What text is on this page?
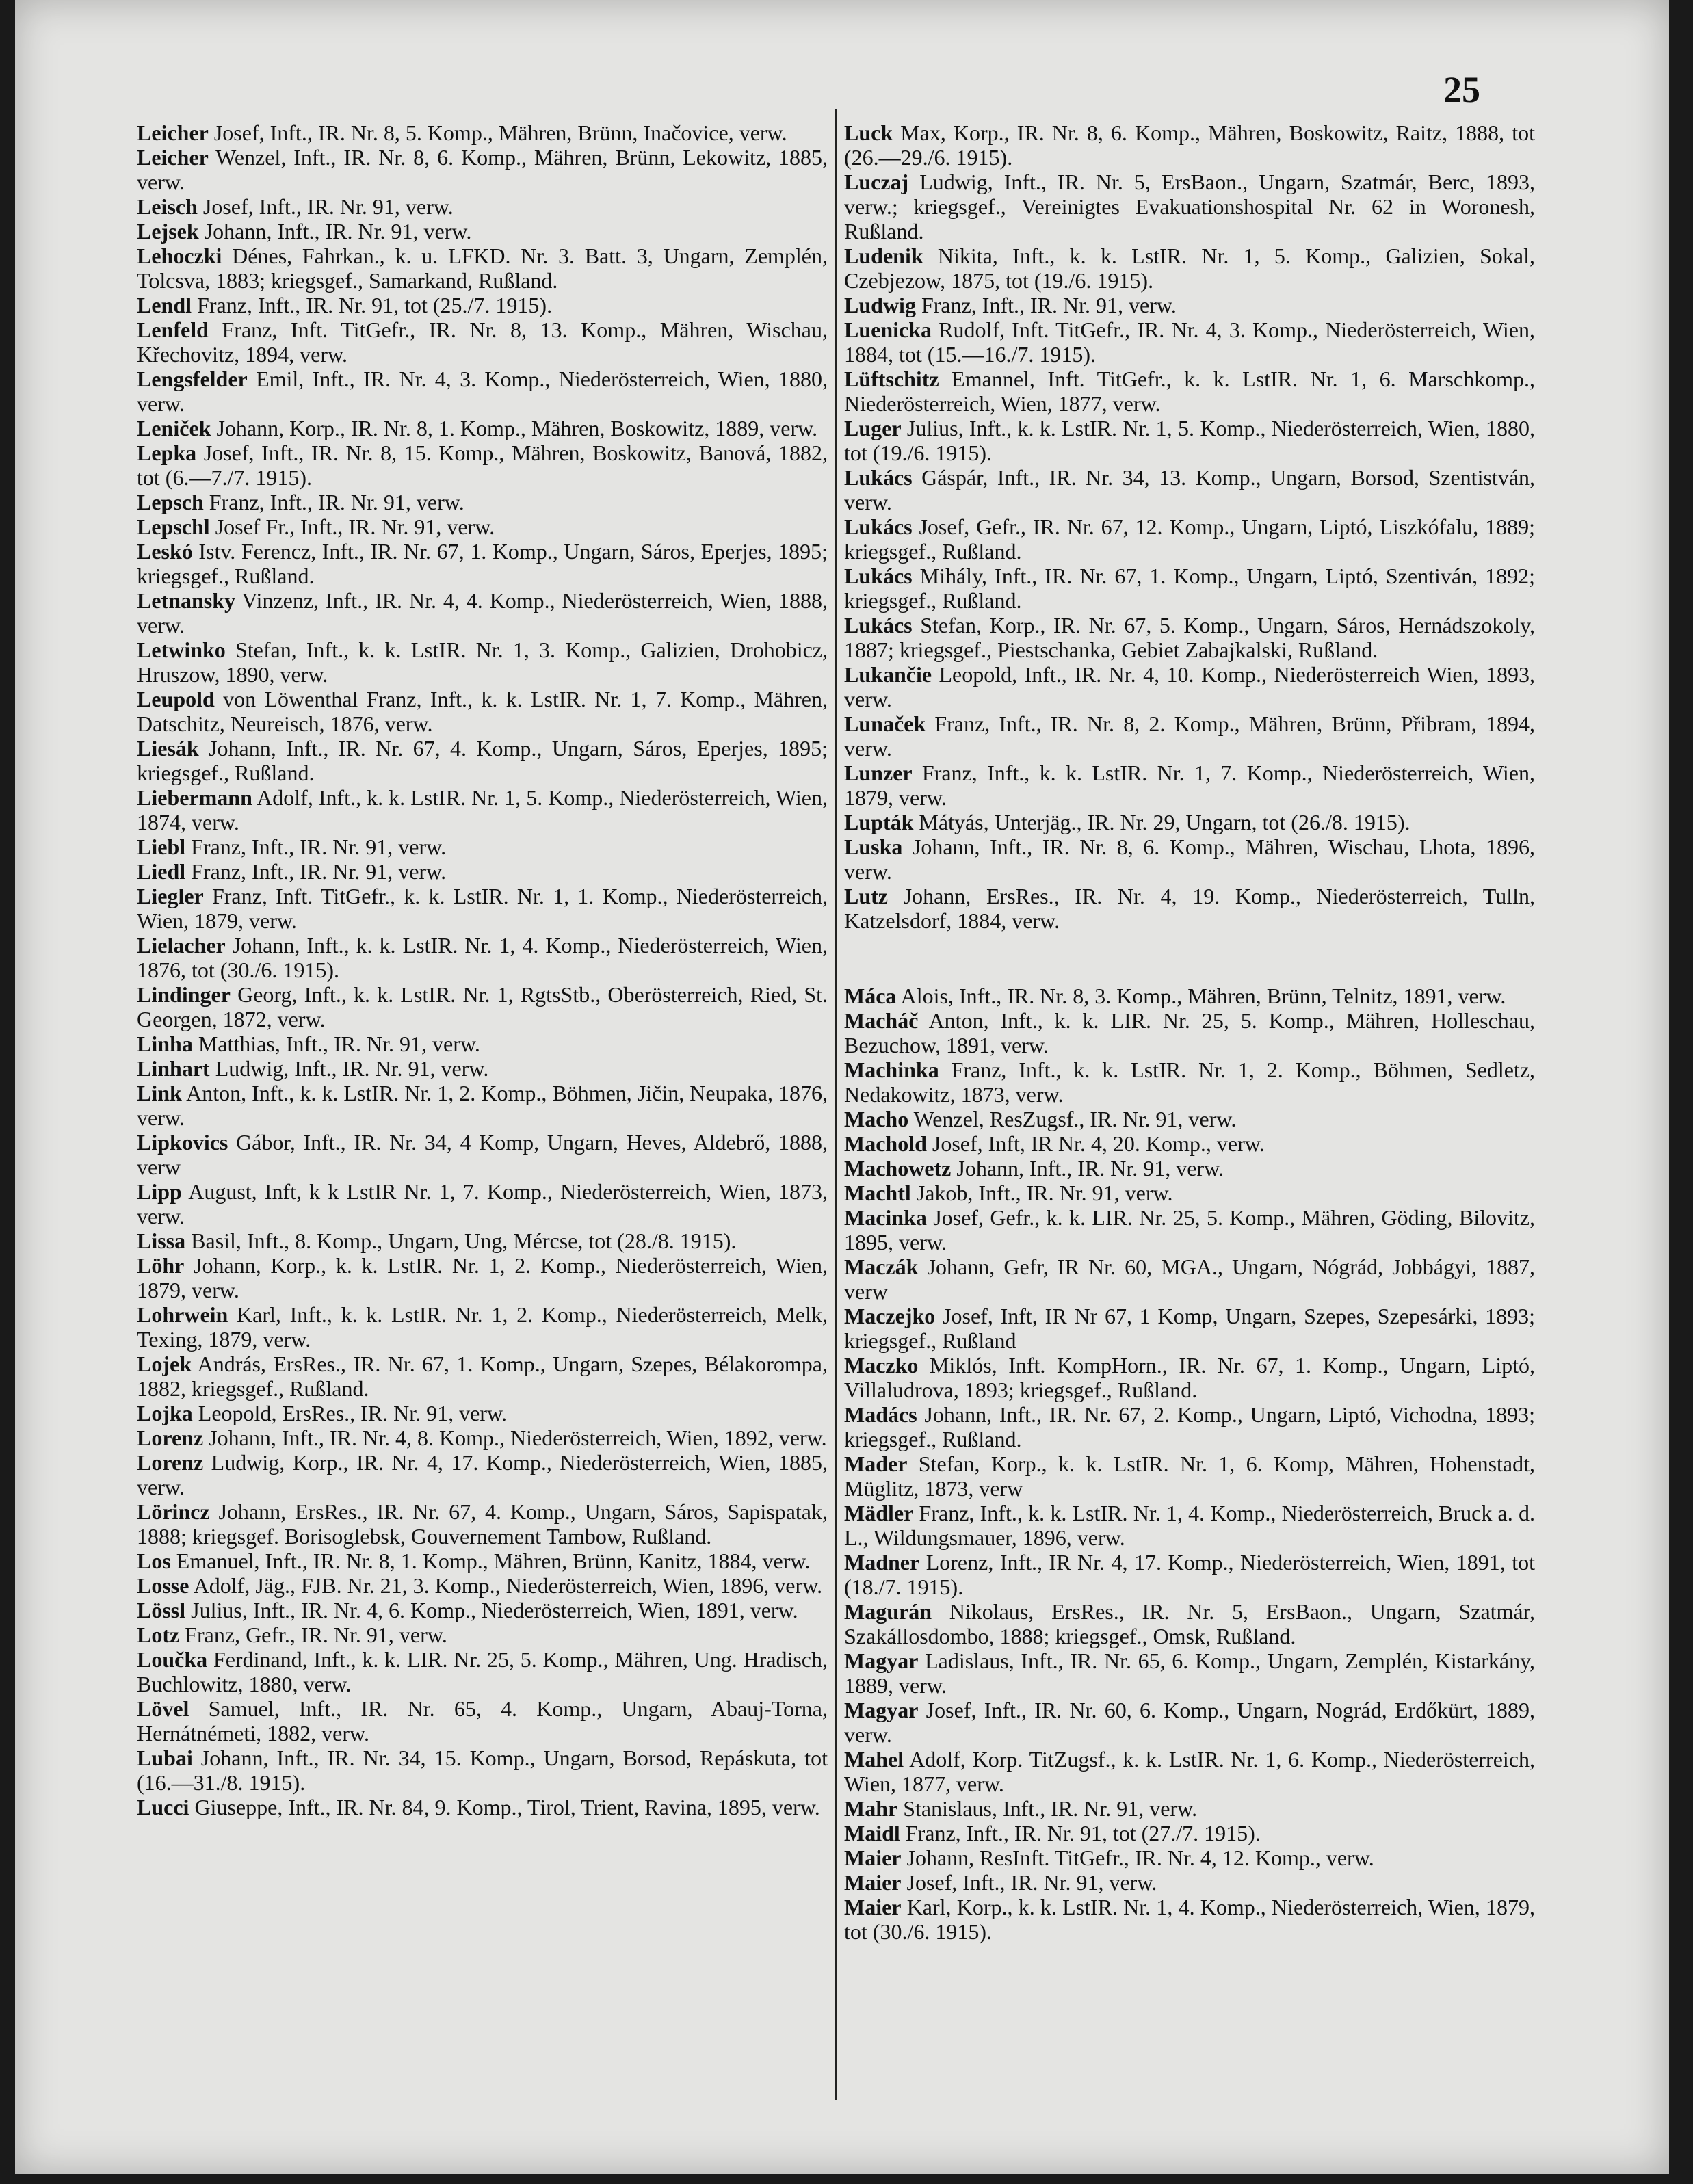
25

Leicher Josef, Inft., IR. Nr. 8, 5. Komp., Mähren, Brünn, Inačovice, verw.

Leicher Wenzel, Inft., IR. Nr. 8, 6. Komp., Mähren, Brünn, Lekowitz, 1885, verw.

Leisch Josef, Inft., IR. Nr. 91, verw.

Lejsek Johann, Inft., IR. Nr. 91, verw.

Lehoczki Dénes, Fahrkan., k. u. LFKD. Nr. 3. Batt. 3, Ungarn, Zemplén, Tolcsva, 1883; kriegsgef., Samarkand, Rußland.

Lendl Franz, Inft., IR. Nr. 91, tot (25./7. 1915).

Lenfeld Franz, Inft. TitGefr., IR. Nr. 8, 13. Komp., Mähren, Wischau, Křechovitz, 1894, verw.

Lengsfelder Emil, Inft., IR. Nr. 4, 3. Komp., Niederösterreich, Wien, 1880, verw.

Leniček Johann, Korp., IR. Nr. 8, 1. Komp., Mähren, Boskowitz, 1889, verw.

Lepka Josef, Inft., IR. Nr. 8, 15. Komp., Mähren, Boskowitz, Banová, 1882, tot (6.—7./7. 1915).

Lepsch Franz, Inft., IR. Nr. 91, verw.

Lepschl Josef Fr., Inft., IR. Nr. 91, verw.

Leskó Istv. Ferencz, Inft., IR. Nr. 67, 1. Komp., Ungarn, Sáros, Eperjes, 1895; kriegsgef., Rußland.

Letnansky Vinzenz, Inft., IR. Nr. 4, 4. Komp., Niederösterreich, Wien, 1888, verw.

Letwinko Stefan, Inft., k. k. LstIR. Nr. 1, 3. Komp., Galizien, Drohobicz, Hruszow, 1890, verw.

Leupold von Löwenthal Franz, Inft., k. k. LstIR. Nr. 1, 7. Komp., Mähren, Datschitz, Neureisch, 1876, verw.

Liesák Johann, Inft., IR. Nr. 67, 4. Komp., Ungarn, Sáros, Eperjes, 1895; kriegsgef., Rußland.

Liebermann Adolf, Inft., k. k. LstIR. Nr. 1, 5. Komp., Niederösterreich, Wien, 1874, verw.

Liebl Franz, Inft., IR. Nr. 91, verw.

Liedl Franz, Inft., IR. Nr. 91, verw.

Liegler Franz, Inft. TitGefr., k. k. LstIR. Nr. 1, 1. Komp., Niederösterreich, Wien, 1879, verw.

Lielacher Johann, Inft., k. k. LstIR. Nr. 1, 4. Komp., Niederösterreich, Wien, 1876, tot (30./6. 1915).

Lindinger Georg, Inft., k. k. LstIR. Nr. 1, RgtsStb., Oberösterreich, Ried, St. Georgen, 1872, verw.

Linha Matthias, Inft., IR. Nr. 91, verw.

Linhart Ludwig, Inft., IR. Nr. 91, verw.

Link Anton, Inft., k. k. LstIR. Nr. 1, 2. Komp., Böhmen, Jičin, Neupaka, 1876, verw.

Lipkovics Gábor, Inft., IR. Nr. 34, 4 Komp, Ungarn, Heves, Aldebrő, 1888, verw

Lipp August, Inft, k k LstIR Nr. 1, 7. Komp., Niederösterreich, Wien, 1873, verw.

Lissa Basil, Inft., 8. Komp., Ungarn, Ung, Mércse, tot (28./8. 1915).

Löhr Johann, Korp., k. k. LstIR. Nr. 1, 2. Komp., Niederösterreich, Wien, 1879, verw.

Lohrwein Karl, Inft., k. k. LstIR. Nr. 1, 2. Komp., Niederösterreich, Melk, Texing, 1879, verw.

Lojek András, ErsRes., IR. Nr. 67, 1. Komp., Ungarn, Szepes, Bélakorompa, 1882, kriegsgef., Rußland.

Lojka Leopold, ErsRes., IR. Nr. 91, verw.

Lorenz Johann, Inft., IR. Nr. 4, 8. Komp., Niederösterreich, Wien, 1892, verw.

Lorenz Ludwig, Korp., IR. Nr. 4, 17. Komp., Niederösterreich, Wien, 1885, verw.

Lörincz Johann, ErsRes., IR. Nr. 67, 4. Komp., Ungarn, Sáros, Sapispatak, 1888; kriegsgef. Borisoglebsk, Gouvernement Tambow, Rußland.

Los Emanuel, Inft., IR. Nr. 8, 1. Komp., Mähren, Brünn, Kanitz, 1884, verw.

Losse Adolf, Jäg., FJB. Nr. 21, 3. Komp., Niederösterreich, Wien, 1896, verw.

Lössl Julius, Inft., IR. Nr. 4, 6. Komp., Niederösterreich, Wien, 1891, verw.

Lotz Franz, Gefr., IR. Nr. 91, verw.

Loučka Ferdinand, Inft., k. k. LIR. Nr. 25, 5. Komp., Mähren, Ung. Hradisch, Buchlowitz, 1880, verw.

Lövel Samuel, Inft., IR. Nr. 65, 4. Komp., Ungarn, Abauj-Torna, Hernátnémeti, 1882, verw.

Lubai Johann, Inft., IR. Nr. 34, 15. Komp., Ungarn, Borsod, Repáskuta, tot (16.—31./8. 1915).

Lucci Giuseppe, Inft., IR. Nr. 84, 9. Komp., Tirol, Trient, Ravina, 1895, verw.

Luck Max, Korp., IR. Nr. 8, 6. Komp., Mähren, Boskowitz, Raitz, 1888, tot (26.—29./6. 1915).

Luczaj Ludwig, Inft., IR. Nr. 5, ErsBaon., Ungarn, Szatmár, Berc, 1893, verw.; kriegsgef., Vereinigtes Evakuationshospital Nr. 62 in Woronesh, Rußland.

Ludenik Nikita, Inft., k. k. LstIR. Nr. 1, 5. Komp., Galizien, Sokal, Czebjezow, 1875, tot (19./6. 1915).

Ludwig Franz, Inft., IR. Nr. 91, verw.

Luenicka Rudolf, Inft. TitGefr., IR. Nr. 4, 3. Komp., Niederösterreich, Wien, 1884, tot (15.—16./7. 1915).

Lüftschitz Emannel, Inft. TitGefr., k. k. LstIR. Nr. 1, 6. Marschkomp., Niederösterreich, Wien, 1877, verw.

Luger Julius, Inft., k. k. LstIR. Nr. 1, 5. Komp., Niederösterreich, Wien, 1880, tot (19./6. 1915).

Lukács Gáspár, Inft., IR. Nr. 34, 13. Komp., Ungarn, Borsod, Szentistván, verw.

Lukács Josef, Gefr., IR. Nr. 67, 12. Komp., Ungarn, Liptó, Liszkófalu, 1889; kriegsgef., Rußland.

Lukács Mihály, Inft., IR. Nr. 67, 1. Komp., Ungarn, Liptó, Szentiván, 1892; kriegsgef., Rußland.

Lukács Stefan, Korp., IR. Nr. 67, 5. Komp., Ungarn, Sáros, Hernádszokoly, 1887; kriegsgef., Piestschanka, Gebiet Zabajkalski, Rußland.

Lukančie Leopold, Inft., IR. Nr. 4, 10. Komp., Niederösterreich Wien, 1893, verw.

Lunaček Franz, Inft., IR. Nr. 8, 2. Komp., Mähren, Brünn, Přibram, 1894, verw.

Lunzer Franz, Inft., k. k. LstIR. Nr. 1, 7. Komp., Niederösterreich, Wien, 1879, verw.

Lupták Mátyás, Unterjäg., IR. Nr. 29, Ungarn, tot (26./8. 1915).

Luska Johann, Inft., IR. Nr. 8, 6. Komp., Mähren, Wischau, Lhota, 1896, verw.

Lutz Johann, ErsRes., IR. Nr. 4, 19. Komp., Niederösterreich, Tulln, Katzelsdorf, 1884, verw.

Máca Alois, Inft., IR. Nr. 8, 3. Komp., Mähren, Brünn, Telnitz, 1891, verw.

Macháč Anton, Inft., k. k. LIR. Nr. 25, 5. Komp., Mähren, Holleschau, Bezuchow, 1891, verw.

Machinka Franz, Inft., k. k. LstIR. Nr. 1, 2. Komp., Böhmen, Sedletz, Nedakowitz, 1873, verw.

Macho Wenzel, ResZugsf., IR. Nr. 91, verw.

Machold Josef, Inft, IR Nr. 4, 20. Komp., verw.

Machowetz Johann, Inft., IR. Nr. 91, verw.

Machtl Jakob, Inft., IR. Nr. 91, verw.

Macinka Josef, Gefr., k. k. LIR. Nr. 25, 5. Komp., Mähren, Göding, Bilovitz, 1895, verw.

Maczák Johann, Gefr, IR Nr. 60, MGA., Ungarn, Nógrád, Jobbágyi, 1887, verw

Maczejko Josef, Inft, IR Nr 67, 1 Komp, Ungarn, Szepes, Szepesárki, 1893; kriegsgef., Rußland

Maczko Miklós, Inft. KompHorn., IR. Nr. 67, 1. Komp., Ungarn, Liptó, Villaludrova, 1893; kriegsgef., Rußland.

Madács Johann, Inft., IR. Nr. 67, 2. Komp., Ungarn, Liptó, Vichodna, 1893; kriegsgef., Rußland.

Mader Stefan, Korp., k. k. LstIR. Nr. 1, 6. Komp, Mähren, Hohenstadt, Müglitz, 1873, verw

Mädler Franz, Inft., k. k. LstIR. Nr. 1, 4. Komp., Niederösterreich, Bruck a. d. L., Wildungsmauer, 1896, verw.

Madner Lorenz, Inft., IR Nr. 4, 17. Komp., Niederösterreich, Wien, 1891, tot (18./7. 1915).

Magurán Nikolaus, ErsRes., IR. Nr. 5, ErsBaon., Ungarn, Szatmár, Szakállosdombo, 1888; kriegsgef., Omsk, Rußland.

Magyar Ladislaus, Inft., IR. Nr. 65, 6. Komp., Ungarn, Zemplén, Kistarkány, 1889, verw.

Magyar Josef, Inft., IR. Nr. 60, 6. Komp., Ungarn, Nográd, Erdőkürt, 1889, verw.

Mahel Adolf, Korp. TitZugsf., k. k. LstIR. Nr. 1, 6. Komp., Niederösterreich, Wien, 1877, verw.

Mahr Stanislaus, Inft., IR. Nr. 91, verw.

Maidl Franz, Inft., IR. Nr. 91, tot (27./7. 1915).

Maier Johann, ResInft. TitGefr., IR. Nr. 4, 12. Komp., verw.

Maier Josef, Inft., IR. Nr. 91, verw.

Maier Karl, Korp., k. k. LstIR. Nr. 1, 4. Komp., Niederösterreich, Wien, 1879, tot (30./6. 1915).
